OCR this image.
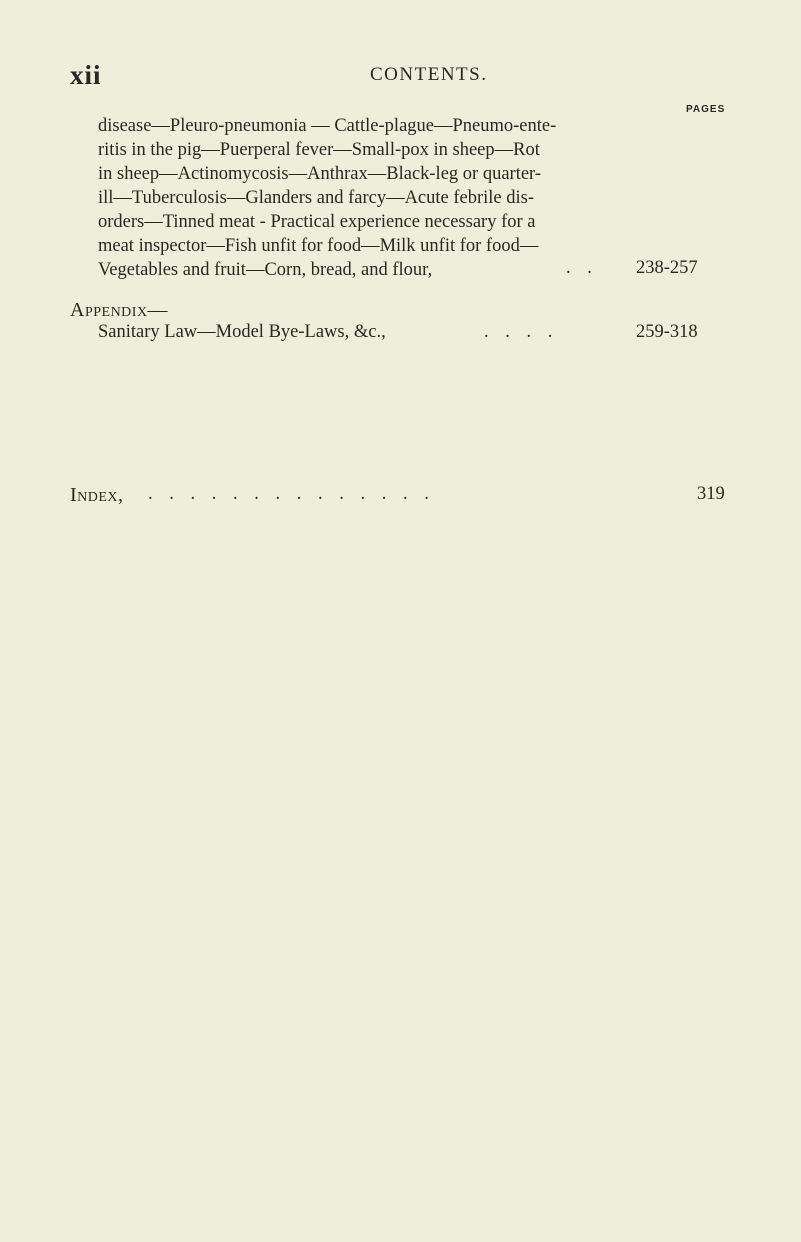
xii	CONTENTS.
PAGES
disease—Pleuro-pneumonia — Cattle-plague—Pneumo-ente-
ritis in the pig—Puerperal fever—Small-pox in sheep—Rot
in sheep—Actinomycosis—Anthrax—Black-leg or quarter-
ill—Tuberculosis—Glanders and farcy—Acute febrile dis-
orders—Tinned meat - Practical experience necessary for a
meat inspector—Fish unfit for food—Milk unfit for food—
Vegetables and fruit—Corn, bread, and flour,	. . 238-257
Appendix—
Sanitary Law—Model Bye-Laws, &c.,	. . . .	259-318
Index, . . . . . . . . . . . . . .	319
